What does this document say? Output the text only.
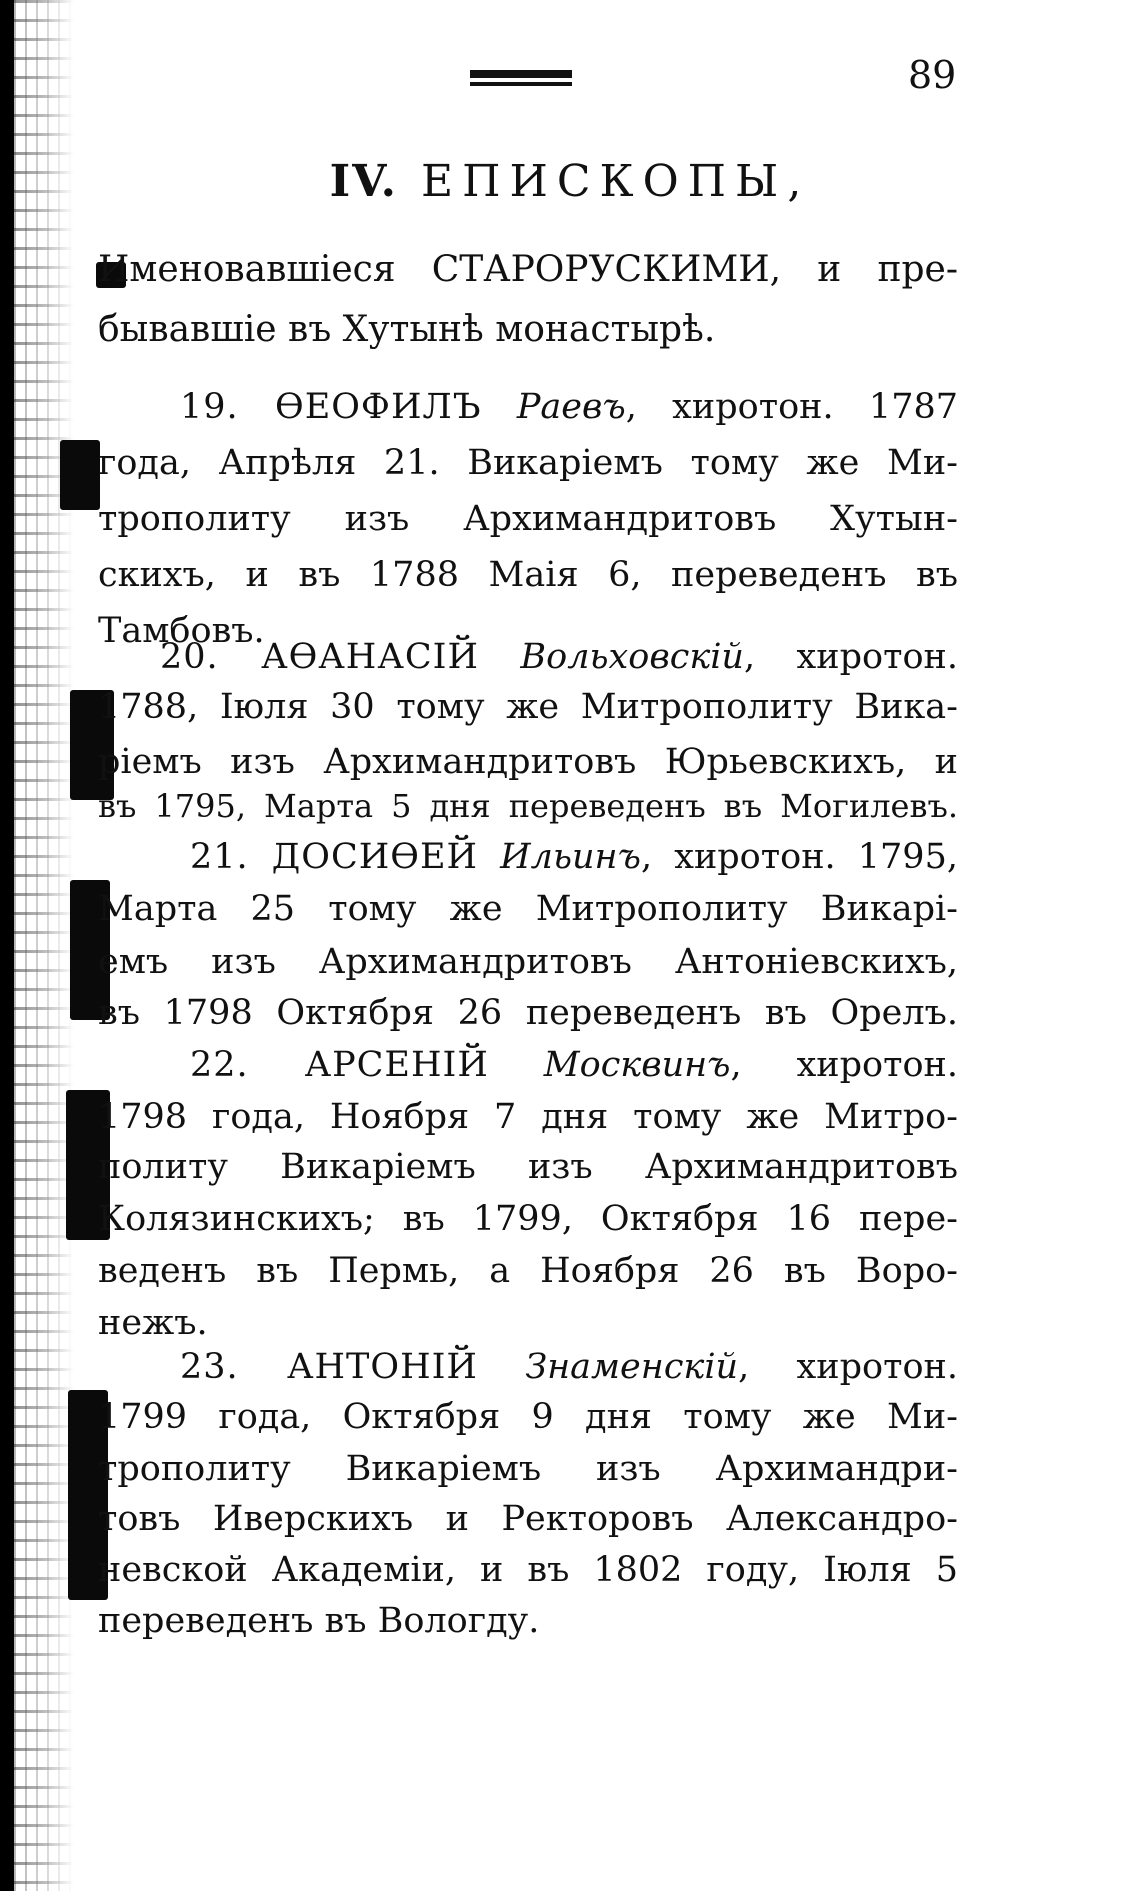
89
IV. ЕПИСКОПЫ,
Именовавшіеся СТАРОРУСКИМИ, и пре-
бывавшіе въ Хутынѣ монастырѣ.
19. ѲЕОФИЛЪ Раевъ, хиротон. 1787
года, Апрѣля 21. Викаріемъ тому же Ми-
трополиту изъ Архимандритовъ Хутын-
скихъ, и въ 1788 Маія 6, переведенъ въ
Тамбовъ.
20. АѲАНАСІЙ Вольховскій, хиротон.
1788, Іюля 30 тому же Митрополиту Вика-
ріемъ изъ Архимандритовъ Юрьевскихъ, и
въ 1795, Марта 5 дня переведенъ въ Могилевъ.
21. ДОСИѲЕЙ Ильинъ, хиротон. 1795,
Марта 25 тому же Митрополиту Викарі-
емъ изъ Архимандритовъ Антоніевскихъ,
въ 1798 Октября 26 переведенъ въ Орелъ.
22. АРСЕНІЙ Москвинъ, хиротон.
1798 года, Ноября 7 дня тому же Митро-
политу Викаріемъ изъ Архимандритовъ
Колязинскихъ; въ 1799, Октября 16 пере-
веденъ въ Пермь, а Ноября 26 въ Воро-
нежъ.
23. АНТОНІЙ Знаменскій, хиротон.
1799 года, Октября 9 дня тому же Ми-
трополиту Викаріемъ изъ Архимандри-
товъ Иверскихъ и Ректоровъ Александро-
невской Академіи, и въ 1802 году, Іюля 5
переведенъ въ Вологду.
